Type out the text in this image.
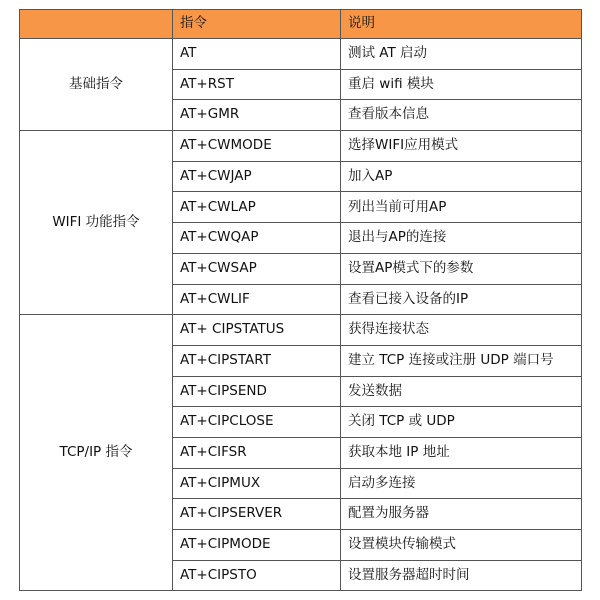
	指令	说明
基础指令	AT	测试 AT 启动
	AT+RST	重启 wifi 模块
	AT+GMR	查看版本信息
WIFI 功能指令	AT+CWMODE	选择WIFI应用模式
	AT+CWJAP	加入AP
	AT+CWLAP	列出当前可用AP
	AT+CWQAP	退出与AP的连接
	AT+CWSAP	设置AP模式下的参数
	AT+CWLIF	查看已接入设备的IP
TCP/IP 指令	AT+ CIPSTATUS	获得连接状态
	AT+CIPSTART	建立 TCP 连接或注册 UDP 端口号
	AT+CIPSEND	发送数据
	AT+CIPCLOSE	关闭 TCP 或 UDP
	AT+CIFSR	获取本地 IP 地址
	AT+CIPMUX	启动多连接
	AT+CIPSERVER	配置为服务器
	AT+CIPMODE	设置模块传输模式
	AT+CIPSTO	设置服务器超时时间
